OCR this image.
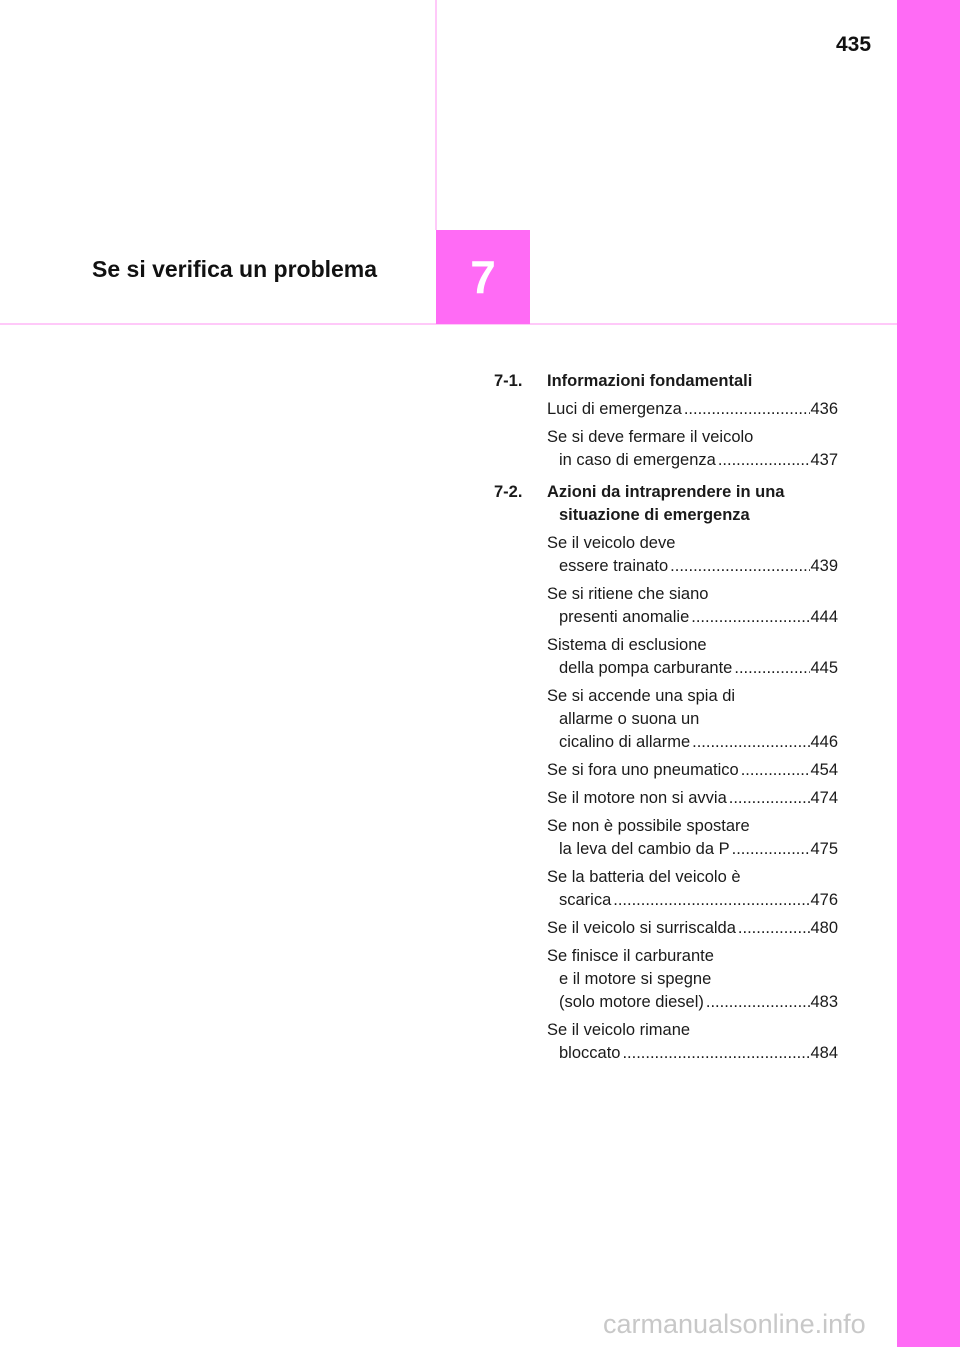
435
Se si verifica un problema 7
7-1.	Informazioni fondamentali
Luci di emergenza .....	436
Se si deve fermare il veicolo
in caso di emergenza .....	437
7-2.	Azioni da intraprendere in una
situazione di emergenza
Se il veicolo deve
essere trainato .....	439
Se si ritiene che siano
presenti anomalie .....	444
Sistema di esclusione
della pompa carburante .....	445
Se si accende una spia di
allarme o suona un
cicalino di allarme .....	446
Se si fora uno pneumatico .....	454
Se il motore non si avvia .....	474
Se non è possibile spostare
la leva del cambio da P .....	475
Se la batteria del veicolo è
scarica .....	476
Se il veicolo si surriscalda .....	480
Se finisce il carburante
e il motore si spegne
(solo motore diesel) .....	483
Se il veicolo rimane
bloccato .....	484
carmanualsonline.info
